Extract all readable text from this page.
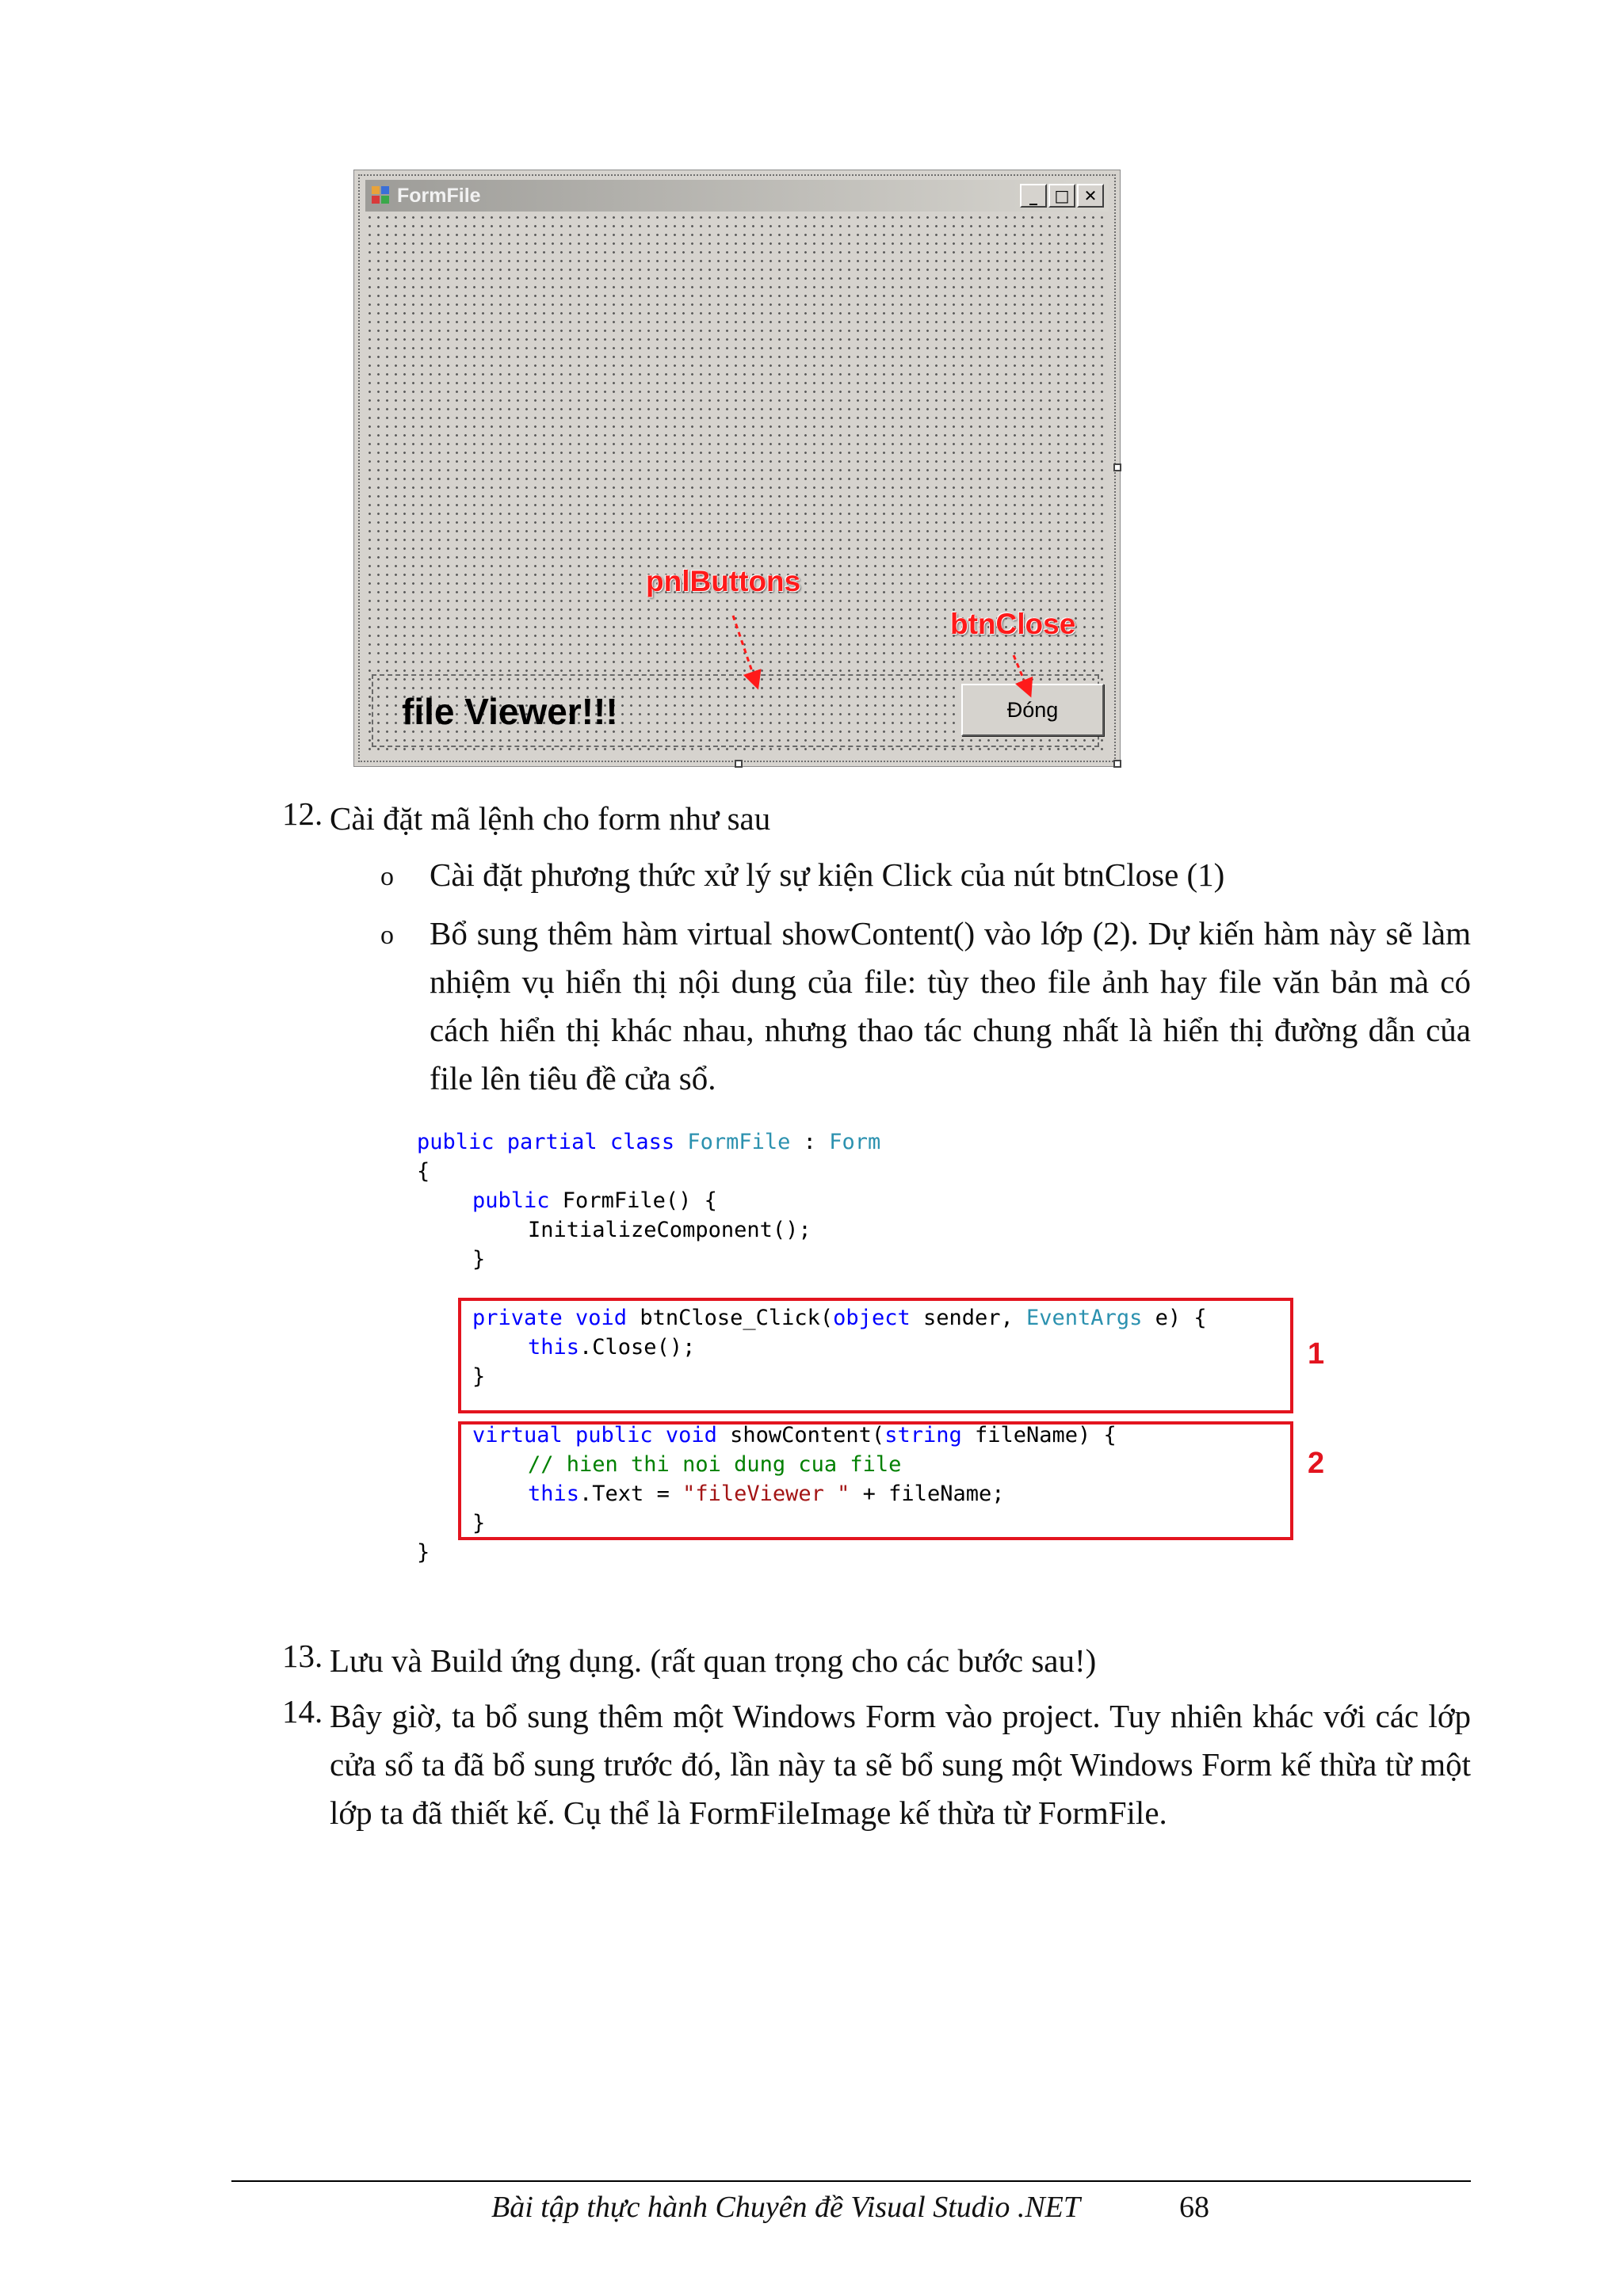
FormFile	_ □ ✕
file Viewer!!!	Đóng
pnlButtons
btnClose
12. Cài đặt mã lệnh cho form như sau
o Cài đặt phương thức xử lý sự kiện Click của nút btnClose (1)
o Bổ sung thêm hàm virtual showContent() vào lớp (2). Dự kiến hàm này sẽ làm nhiệm vụ hiển thị nội dung của file: tùy theo file ảnh hay file văn bản mà có cách hiển thị khác nhau, nhưng thao tác chung nhất là hiển thị đường dẫn của file lên tiêu đề cửa sổ.
public partial class FormFile : Form
{
public FormFile() {
InitializeComponent();
}
private void btnClose_Click(object sender, EventArgs e) {
this.Close();
}
virtual public void showContent(string fileName) {
// hien thi noi dung cua file
this.Text = "fileViewer " + fileName;
}
}
1
2
13. Lưu và Build ứng dụng. (rất quan trọng cho các bước sau!)
14. Bây giờ, ta bổ sung thêm một Windows Form vào project. Tuy nhiên khác với các lớp cửa sổ ta đã bổ sung trước đó, lần này ta sẽ bổ sung một Windows Form kế thừa từ một lớp ta đã thiết kế. Cụ thể là FormFileImage kế thừa từ FormFile.
Bài tập thực hành Chuyên đề Visual Studio .NET	68
